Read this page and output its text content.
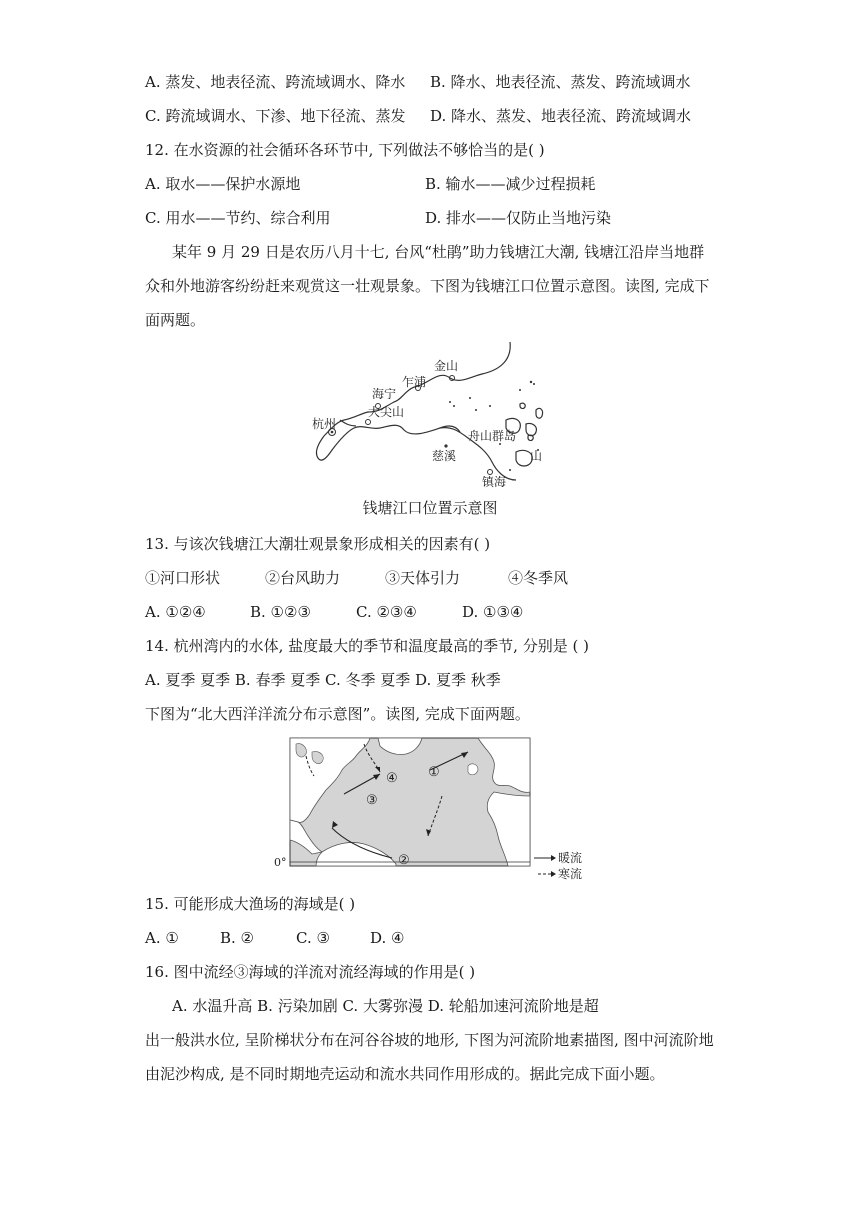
A. 蒸发、地表径流、跨流域调水、降水 B. 降水、地表径流、蒸发、跨流域调水
C. 跨流域调水、下渗、地下径流、蒸发 D. 降水、蒸发、地表径流、跨流域调水
12. 在水资源的社会循环各环节中, 下列做法不够恰当的是( )
A. 取水——保护水源地	B. 输水——减少过程损耗
C. 用水——节约、综合利用	D. 排水——仅防止当地污染
某年 9 月 29 日是农历八月十七, 台风“杜鹃”助力钱塘江大潮, 钱塘江沿岸当地群
众和外地游客纷纷赶来观赏这一壮观景象。下图为钱塘江口位置示意图。读图, 完成下
面两题。
金山
乍浦
海宁
大尖山
杭州
舟山群岛
慈溪
镇海
山
钱塘江口位置示意图
13. 与该次钱塘江大潮壮观景象形成相关的因素有( )
①河口形状	②台风助力	③天体引力	④冬季风
A. ①②④	B. ①②③	C. ②③④	D. ①③④
14. 杭州湾内的水体, 盐度最大的季节和温度最高的季节, 分别是 ( )
A. 夏季 夏季 B. 春季 夏季 C. 冬季 夏季 D. 夏季 秋季
下图为“北大西洋洋流分布示意图”。读图, 完成下面两题。
①
②
③
④
0°	暖流
寒流
15. 可能形成大渔场的海域是( )
A. ①	B. ②	C. ③	D. ④
16. 图中流经③海域的洋流对流经海域的作用是( )
A. 水温升高 B. 污染加剧 C. 大雾弥漫 D. 轮船加速河流阶地是超
出一般洪水位, 呈阶梯状分布在河谷谷坡的地形, 下图为河流阶地素描图, 图中河流阶地
由泥沙构成, 是不同时期地壳运动和流水共同作用形成的。据此完成下面小题。
